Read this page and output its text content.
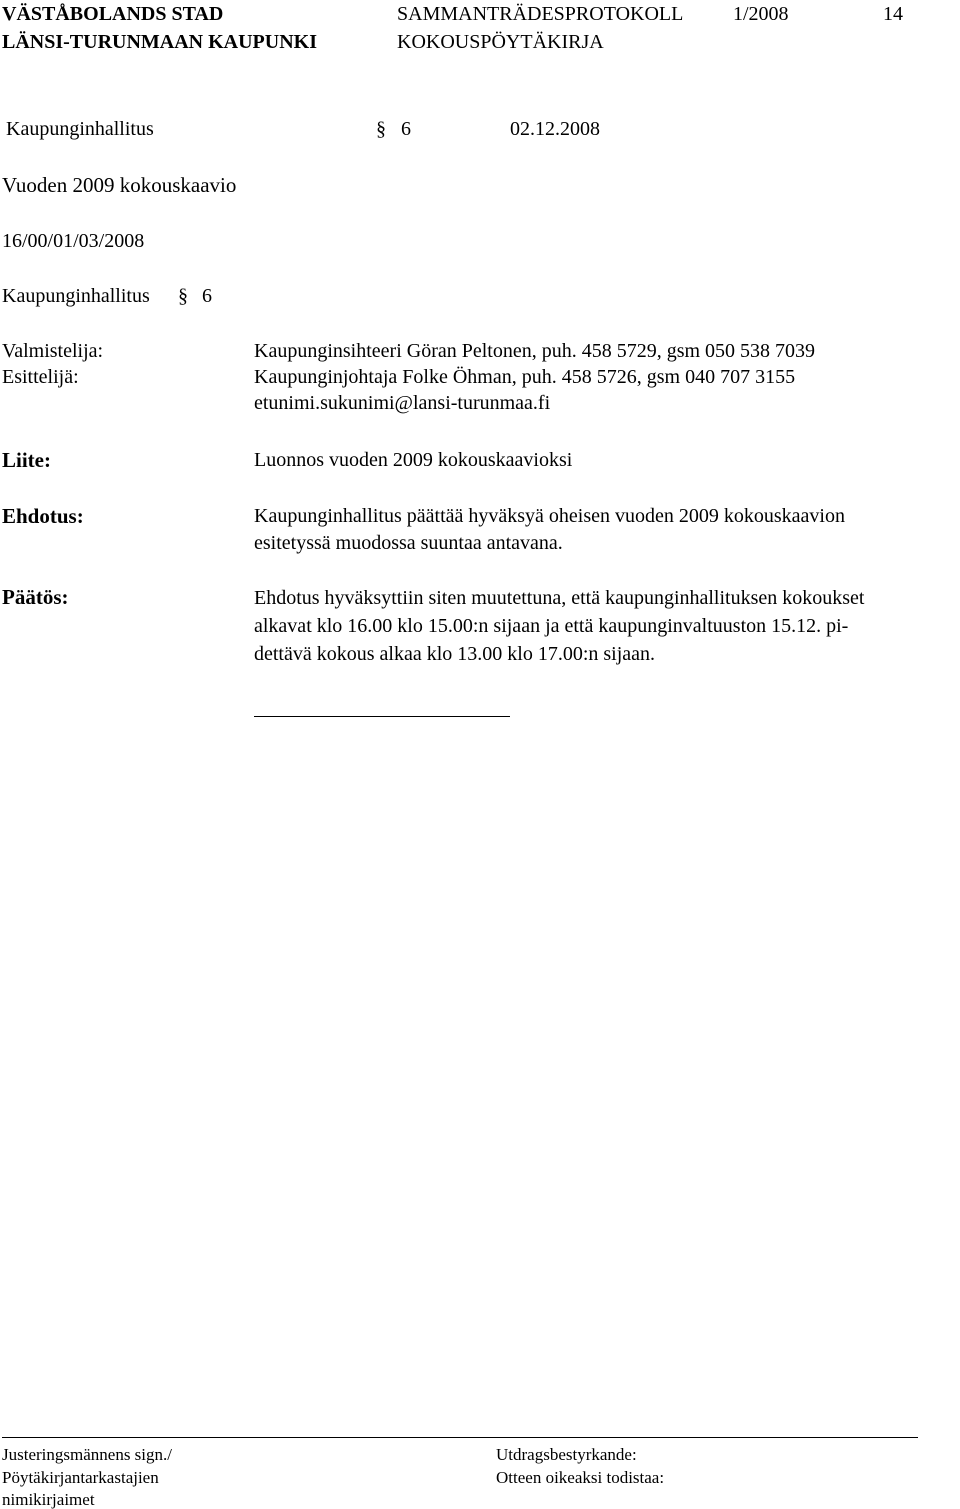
VÄSTÅBOLANDS STAD
LÄNSI-TURUNMAAN KAUPUNKI
SAMMANTRÄDESPROTOKOLL
KOKOUSPÖYTÄKIRJA
1/2008	14
Kaupunginhallitus	§ 6	02.12.2008
Vuoden 2009 kokouskaavio
16/00/01/03/2008
Kaupunginhallitus § 6
Valmistelija:	Kaupunginsihteeri Göran Peltonen, puh. 458 5729, gsm 050 538 7039
Esittelijä:	Kaupunginjohtaja Folke Öhman, puh. 458 5726, gsm 040 707 3155
etunimi.sukunimi@lansi-turunmaa.fi
Liite:	Luonnos vuoden 2009 kokouskaavioksi
Ehdotus:	Kaupunginhallitus päättää hyväksyä oheisen vuoden 2009 kokouskaavion
esitetyssä muodossa suuntaa antavana.
Päätös:	Ehdotus hyväksyttiin siten muutettuna, että kaupunginhallituksen kokoukset
alkavat klo 16.00 klo 15.00:n sijaan ja että kaupunginvaltuuston 15.12. pi-
dettävä kokous alkaa klo 13.00 klo 17.00:n sijaan.
Justeringsmännens sign./
Pöytäkirjantarkastajien
nimikirjaimet
Utdragsbestyrkande:
Otteen oikeaksi todistaa:
